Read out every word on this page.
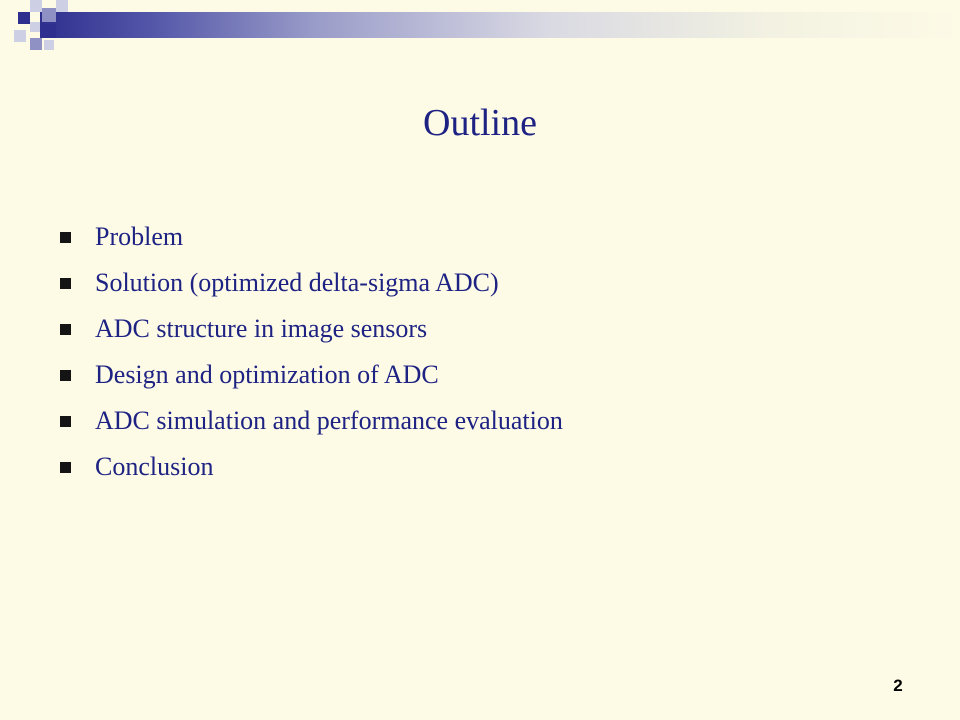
Outline
Problem
Solution (optimized delta-sigma ADC)
ADC structure in image sensors
Design and optimization of ADC
ADC simulation and performance evaluation
Conclusion
2
